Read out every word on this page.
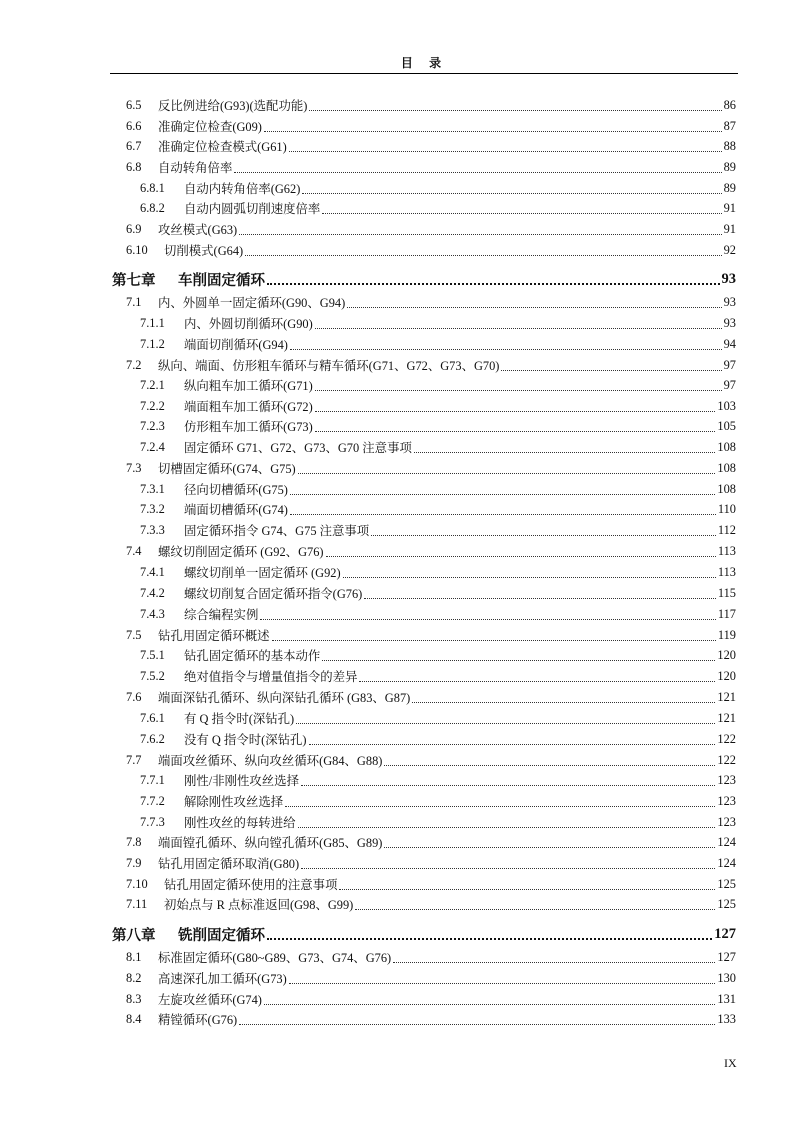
目 录
6.5	反比例进给(G93)(选配功能)	86
6.6	准确定位检查(G09)	87
6.7	准确定位检查模式(G61)	88
6.8	自动转角倍率	89
6.8.1	自动内转角倍率(G62)	89
6.8.2	自动内圆弧切削速度倍率	91
6.9	攻丝模式(G63)	91
6.10	切削模式(G64)	92
第七章	车削固定循环	93
7.1	内、外圆单一固定循环(G90、G94)	93
7.1.1	内、外圆切削循环(G90)	93
7.1.2	端面切削循环(G94)	94
7.2	纵向、端面、仿形粗车循环与精车循环(G71、G72、G73、G70)	97
7.2.1	纵向粗车加工循环(G71)	97
7.2.2	端面粗车加工循环(G72)	103
7.2.3	仿形粗车加工循环(G73)	105
7.2.4	固定循环 G71、G72、G73、G70 注意事项	108
7.3	切槽固定循环(G74、G75)	108
7.3.1	径向切槽循环(G75)	108
7.3.2	端面切槽循环(G74)	110
7.3.3	固定循环指令 G74、G75 注意事项	112
7.4	螺纹切削固定循环 (G92、G76)	113
7.4.1	螺纹切削单一固定循环 (G92)	113
7.4.2	螺纹切削复合固定循环指令(G76)	115
7.4.3	综合编程实例	117
7.5	钻孔用固定循环概述	119
7.5.1	钻孔固定循环的基本动作	120
7.5.2	绝对值指令与增量值指令的差异	120
7.6	端面深钻孔循环、纵向深钻孔循环 (G83、G87)	121
7.6.1	有 Q 指令时(深钻孔)	121
7.6.2	没有 Q 指令时(深钻孔)	122
7.7	端面攻丝循环、纵向攻丝循环(G84、G88)	122
7.7.1	刚性/非刚性攻丝选择	123
7.7.2	解除刚性攻丝选择	123
7.7.3	刚性攻丝的每转进给	123
7.8	端面镗孔循环、纵向镗孔循环(G85、G89)	124
7.9	钻孔用固定循环取消(G80)	124
7.10	钻孔用固定循环使用的注意事项	125
7.11	初始点与 R 点标准返回(G98、G99)	125
第八章	铣削固定循环	127
8.1	标准固定循环(G80~G89、G73、G74、G76)	127
8.2	高速深孔加工循环(G73)	130
8.3	左旋攻丝循环(G74)	131
8.4	精镗循环(G76)	133
IX
